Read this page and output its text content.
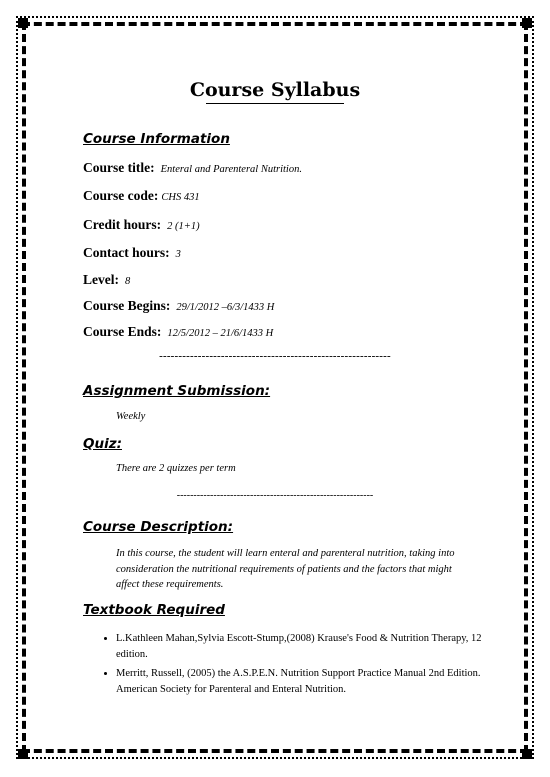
Course Syllabus
Course Information
Course title: Enteral and Parenteral Nutrition.
Course code: CHS 431
Credit hours: 2 (1+1)
Contact hours: 3
Level: 8
Course Begins: 29/1/2012 –6/3/1433 H
Course Ends: 12/5/2012 – 21/6/1433 H
------------------------------------------------------------
Assignment Submission:
Weekly
Quiz:
There are 2 quizzes per term
-----------------------------------------------------------
Course Description:
In this course, the student will learn enteral and parenteral nutrition, taking into consideration the nutritional requirements of patients and the factors that might affect these requirements.
Textbook Required
• L.Kathleen Mahan,Sylvia Escott-Stump,(2008) Krause's Food & Nutrition Therapy, 12 edition.
• Merritt, Russell, (2005) the A.S.P.E.N. Nutrition Support Practice Manual 2nd Edition. American Society for Parenteral and Enteral Nutrition.
